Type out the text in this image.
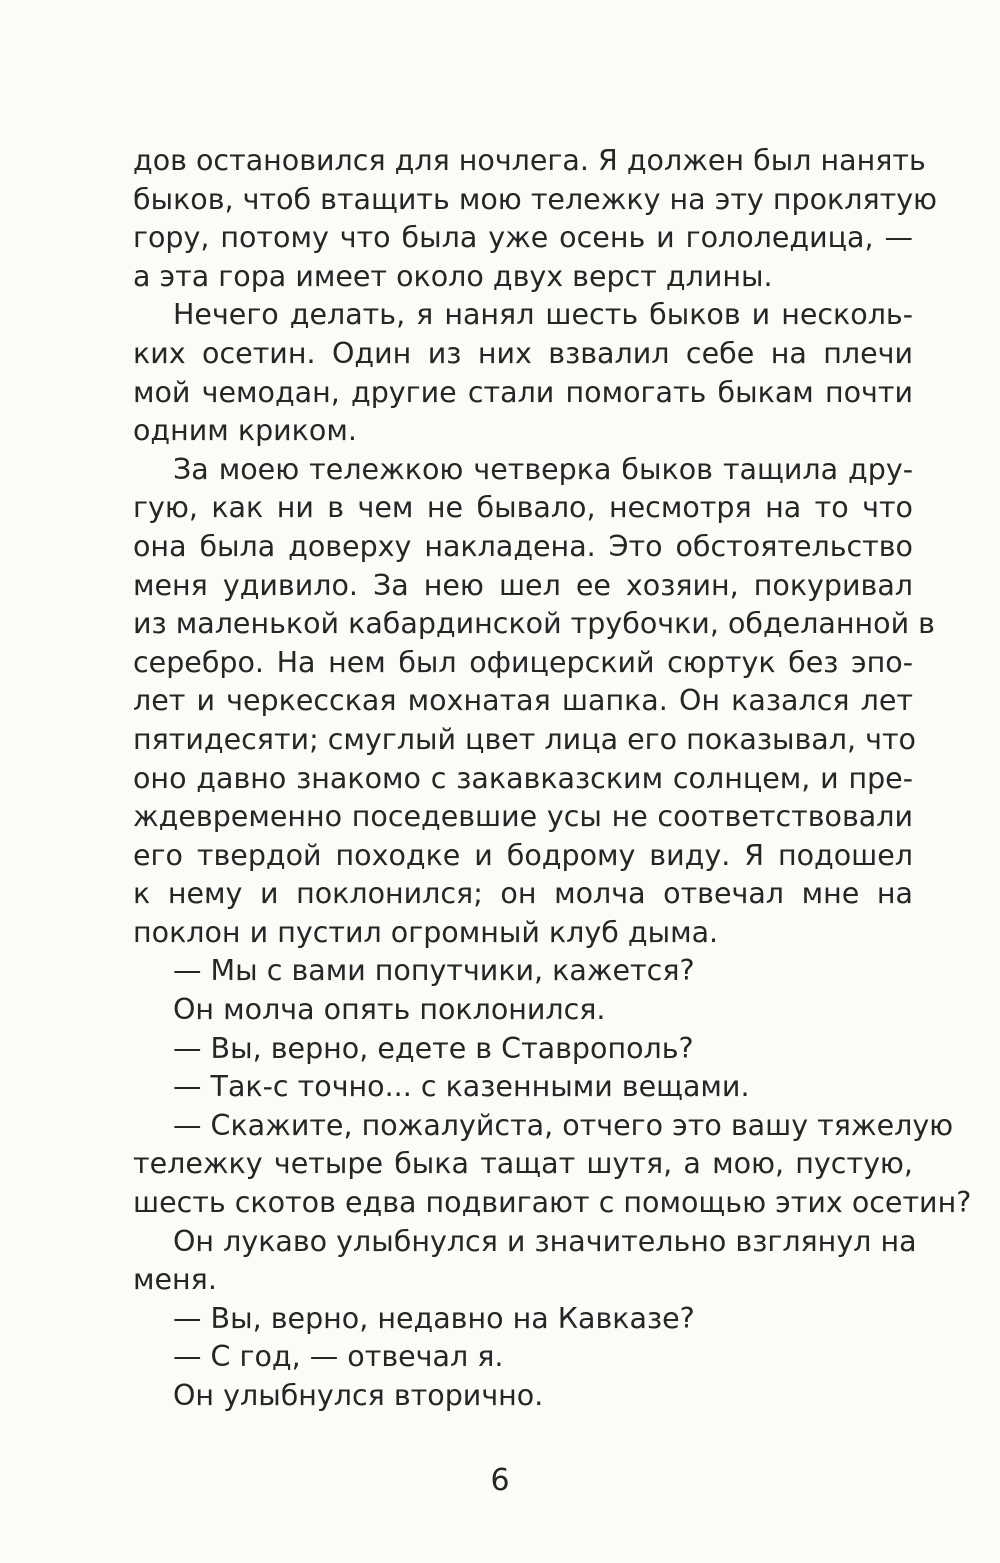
дов остановился для ночлега. Я должен был нанять
быков, чтоб втащить мою тележку на эту проклятую
гору, потому что была уже осень и гололедица, —
а эта гора имеет около двух верст длины.
Нечего делать, я нанял шесть быков и несколь-
ких осетин. Один из них взвалил себе на плечи
мой чемодан, другие стали помогать быкам почти
одним криком.
За моею тележкою четверка быков тащила дру-
гую, как ни в чем не бывало, несмотря на то что
она была доверху накладена. Это обстоятельство
меня удивило. За нею шел ее хозяин, покуривал
из маленькой кабардинской трубочки, обделанной в
серебро. На нем был офицерский сюртук без эпо-
лет и черкесская мохнатая шапка. Он казался лет
пятидесяти; смуглый цвет лица его показывал, что
оно давно знакомо с закавказским солнцем, и пре-
ждевременно поседевшие усы не соответствовали
его твердой походке и бодрому виду. Я подошел
к нему и поклонился; он молча отвечал мне на
поклон и пустил огромный клуб дыма.
— Мы с вами попутчики, кажется?
Он молча опять поклонился.
— Вы, верно, едете в Ставрополь?
— Так-с точно... с казенными вещами.
— Скажите, пожалуйста, отчего это вашу тяжелую
тележку четыре быка тащат шутя, а мою, пустую,
шесть скотов едва подвигают с помощью этих осетин?
Он лукаво улыбнулся и значительно взглянул на
меня.
— Вы, верно, недавно на Кавказе?
— С год, — отвечал я.
Он улыбнулся вторично.
6
